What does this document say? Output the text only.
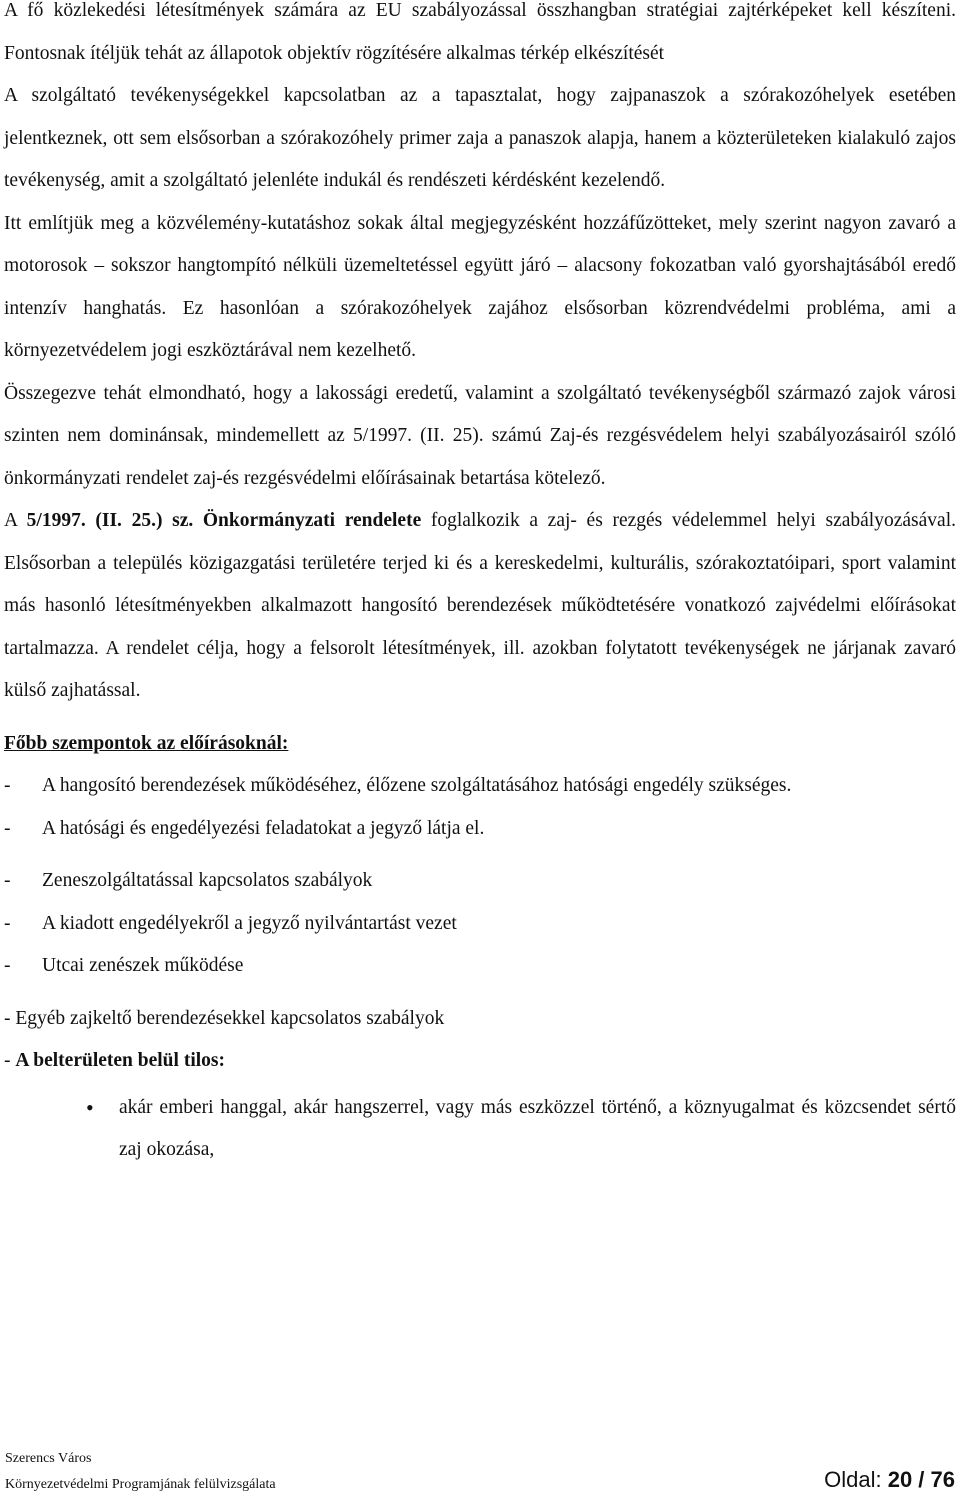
A fő közlekedési létesítmények számára az EU szabályozással összhangban stratégiai zajtérképeket kell készíteni. Fontosnak ítéljük tehát az állapotok objektív rögzítésére alkalmas térkép elkészítését

A szolgáltató tevékenységekkel kapcsolatban az a tapasztalat, hogy zajpanaszok a szórakozóhelyek esetében jelentkeznek, ott sem elsősorban a szórakozóhely primer zaja a panaszok alapja, hanem a közterületeken kialakuló zajos tevékenység, amit a szolgáltató jelenléte indukál és rendészeti kérdésként kezelendő.

Itt említjük meg a közvélemény-kutatáshoz sokak által megjegyzésként hozzáfűzötteket, mely szerint nagyon zavaró a motorosok – sokszor hangtompító nélküli üzemeltetéssel együtt járó – alacsony fokozatban való gyorshajtásából eredő intenzív hanghatás. Ez hasonlóan a szórakozóhelyek zajához elsősorban közrendvédelmi probléma, ami a környezetvédelem jogi eszköztárával nem kezelhető.

Összegezve tehát elmondható, hogy a lakossági eredetű, valamint a szolgáltató tevékenységből származó zajok városi szinten nem dominánsak, mindemellett az 5/1997. (II. 25). számú Zaj-és rezgésvédelem helyi szabályozásairól szóló önkormányzati rendelet zaj-és rezgésvédelmi előírásainak betartása kötelező.

A 5/1997. (II. 25.) sz. Önkormányzati rendelete foglalkozik a zaj- és rezgés védelemmel helyi szabályozásával. Elsősorban a település közigazgatási területére terjed ki és a kereskedelmi, kulturális, szórakoztatóipari, sport valamint más hasonló létesítményekben alkalmazott hangosító berendezések működtetésére vonatkozó zajvédelmi előírásokat tartalmazza. A rendelet célja, hogy a felsorolt létesítmények, ill. azokban folytatott tevékenységek ne járjanak zavaró külső zajhatással.

Főbb szempontok az előírásoknál:

-	A hangosító berendezések működéséhez, élőzene szolgáltatásához hatósági engedély szükséges.
-	A hatósági és engedélyezési feladatokat a jegyző látja el.
-	Zeneszolgáltatással kapcsolatos szabályok
-	A kiadott engedélyekről a jegyző nyilvántartást vezet
-	Utcai zenészek működése

- Egyéb zajkeltő berendezésekkel kapcsolatos szabályok

- A belterületen belül tilos:

•	akár emberi hanggal, akár hangszerrel, vagy más eszközzel történő, a köznyugalmat és közcsendet sértő zaj okozása,
Szerencs Város
Környezetvédelmi Programjának felülvizsgálata	Oldal: 20 / 76
